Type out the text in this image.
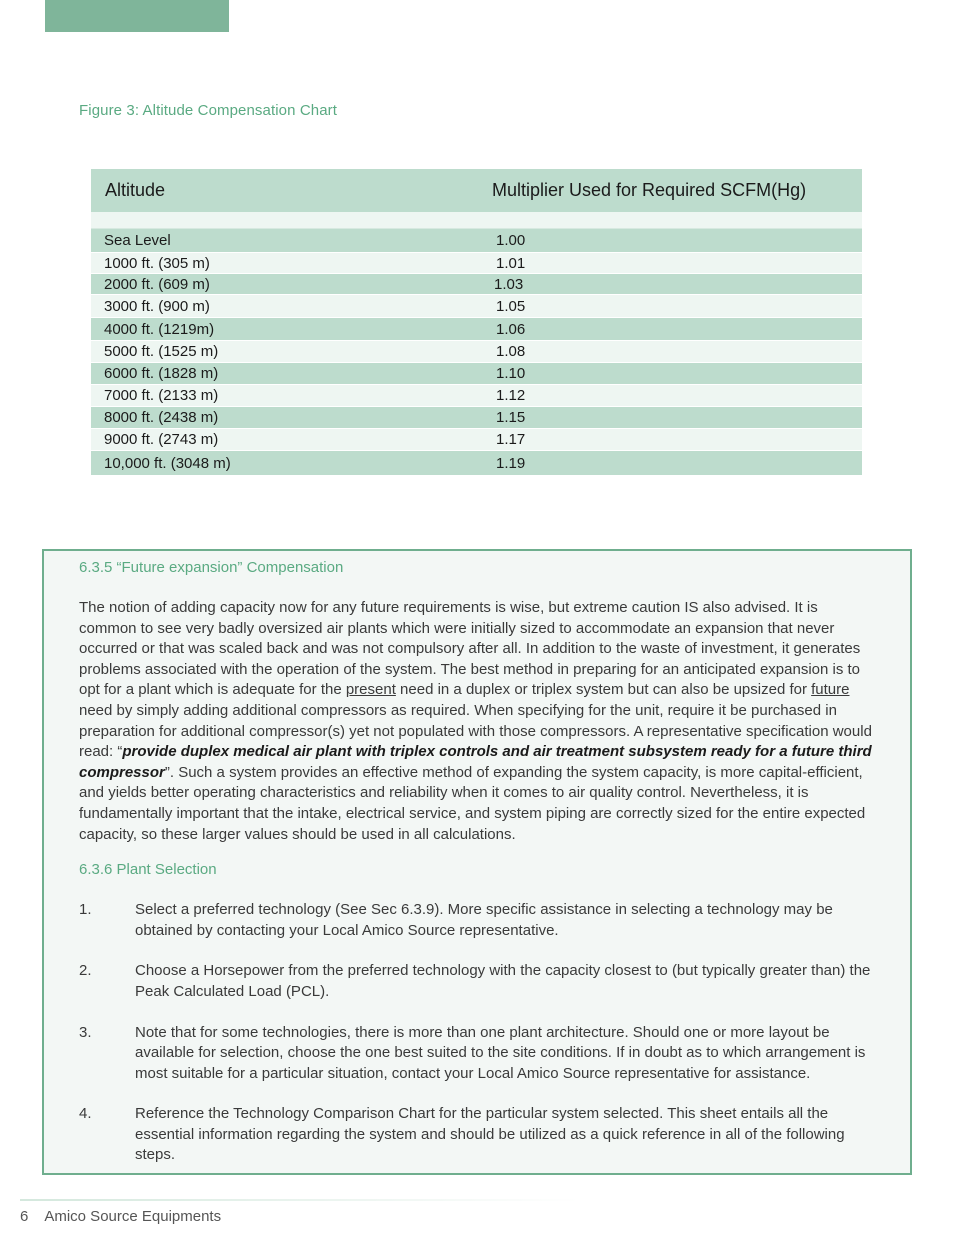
Figure 3: Altitude Compensation Chart
Altitude	Multiplier Used for Required SCFM(Hg)
Sea Level	1.00
1000 ft. (305 m)	1.01
2000 ft. (609 m)	1.03
3000 ft. (900 m)	1.05
4000 ft. (1219m)	1.06
5000 ft. (1525 m)	1.08
6000 ft. (1828 m)	1.10
7000 ft. (2133 m)	1.12
8000 ft. (2438 m)	1.15
9000 ft. (2743 m)	1.17
10,000 ft. (3048 m)	1.19

6.3.5 “Future expansion” Compensation

The notion of adding capacity now for any future requirements is wise, but extreme caution IS also advised. It is common to see very badly oversized air plants which were initially sized to accommodate an expansion that never occurred or that was scaled back and was not compulsory after all. In addition to the waste of investment, it generates problems associated with the operation of the system. The best method in preparing for an anticipated expansion is to opt for a plant which is adequate for the present need in a duplex or triplex system but can also be upsized for future need by simply adding additional compressors as required. When specifying for the unit, require it be purchased in preparation for additional compressor(s) yet not populated with those compressors. A representative specification would read: “provide duplex medical air plant with triplex controls and air treatment subsystem ready for a future third compressor”. Such a system provides an effective method of expanding the system capacity, is more capital-efficient, and yields better operating characteristics and reliability when it comes to air quality control. Nevertheless, it is fundamentally important that the intake, electrical service, and system piping are correctly sized for the entire expected capacity, so these larger values should be used in all calculations.

6.3.6 Plant Selection

1.	Select a preferred technology (See Sec 6.3.9). More specific assistance in selecting a technology may be obtained by contacting your Local Amico Source representative.
2.	Choose a Horsepower from the preferred technology with the capacity closest to (but typically greater than) the Peak Calculated Load (PCL).
3.	Note that for some technologies, there is more than one plant architecture. Should one or more layout be available for selection, choose the one best suited to the site conditions. If in doubt as to which arrangement is most suitable for a particular situation, contact your Local Amico Source representative for assistance.
4.	Reference the Technology Comparison Chart for the particular system selected. This sheet entails all the essential information regarding the system and should be utilized as a quick reference in all of the following steps.
6 Amico Source Equipments
